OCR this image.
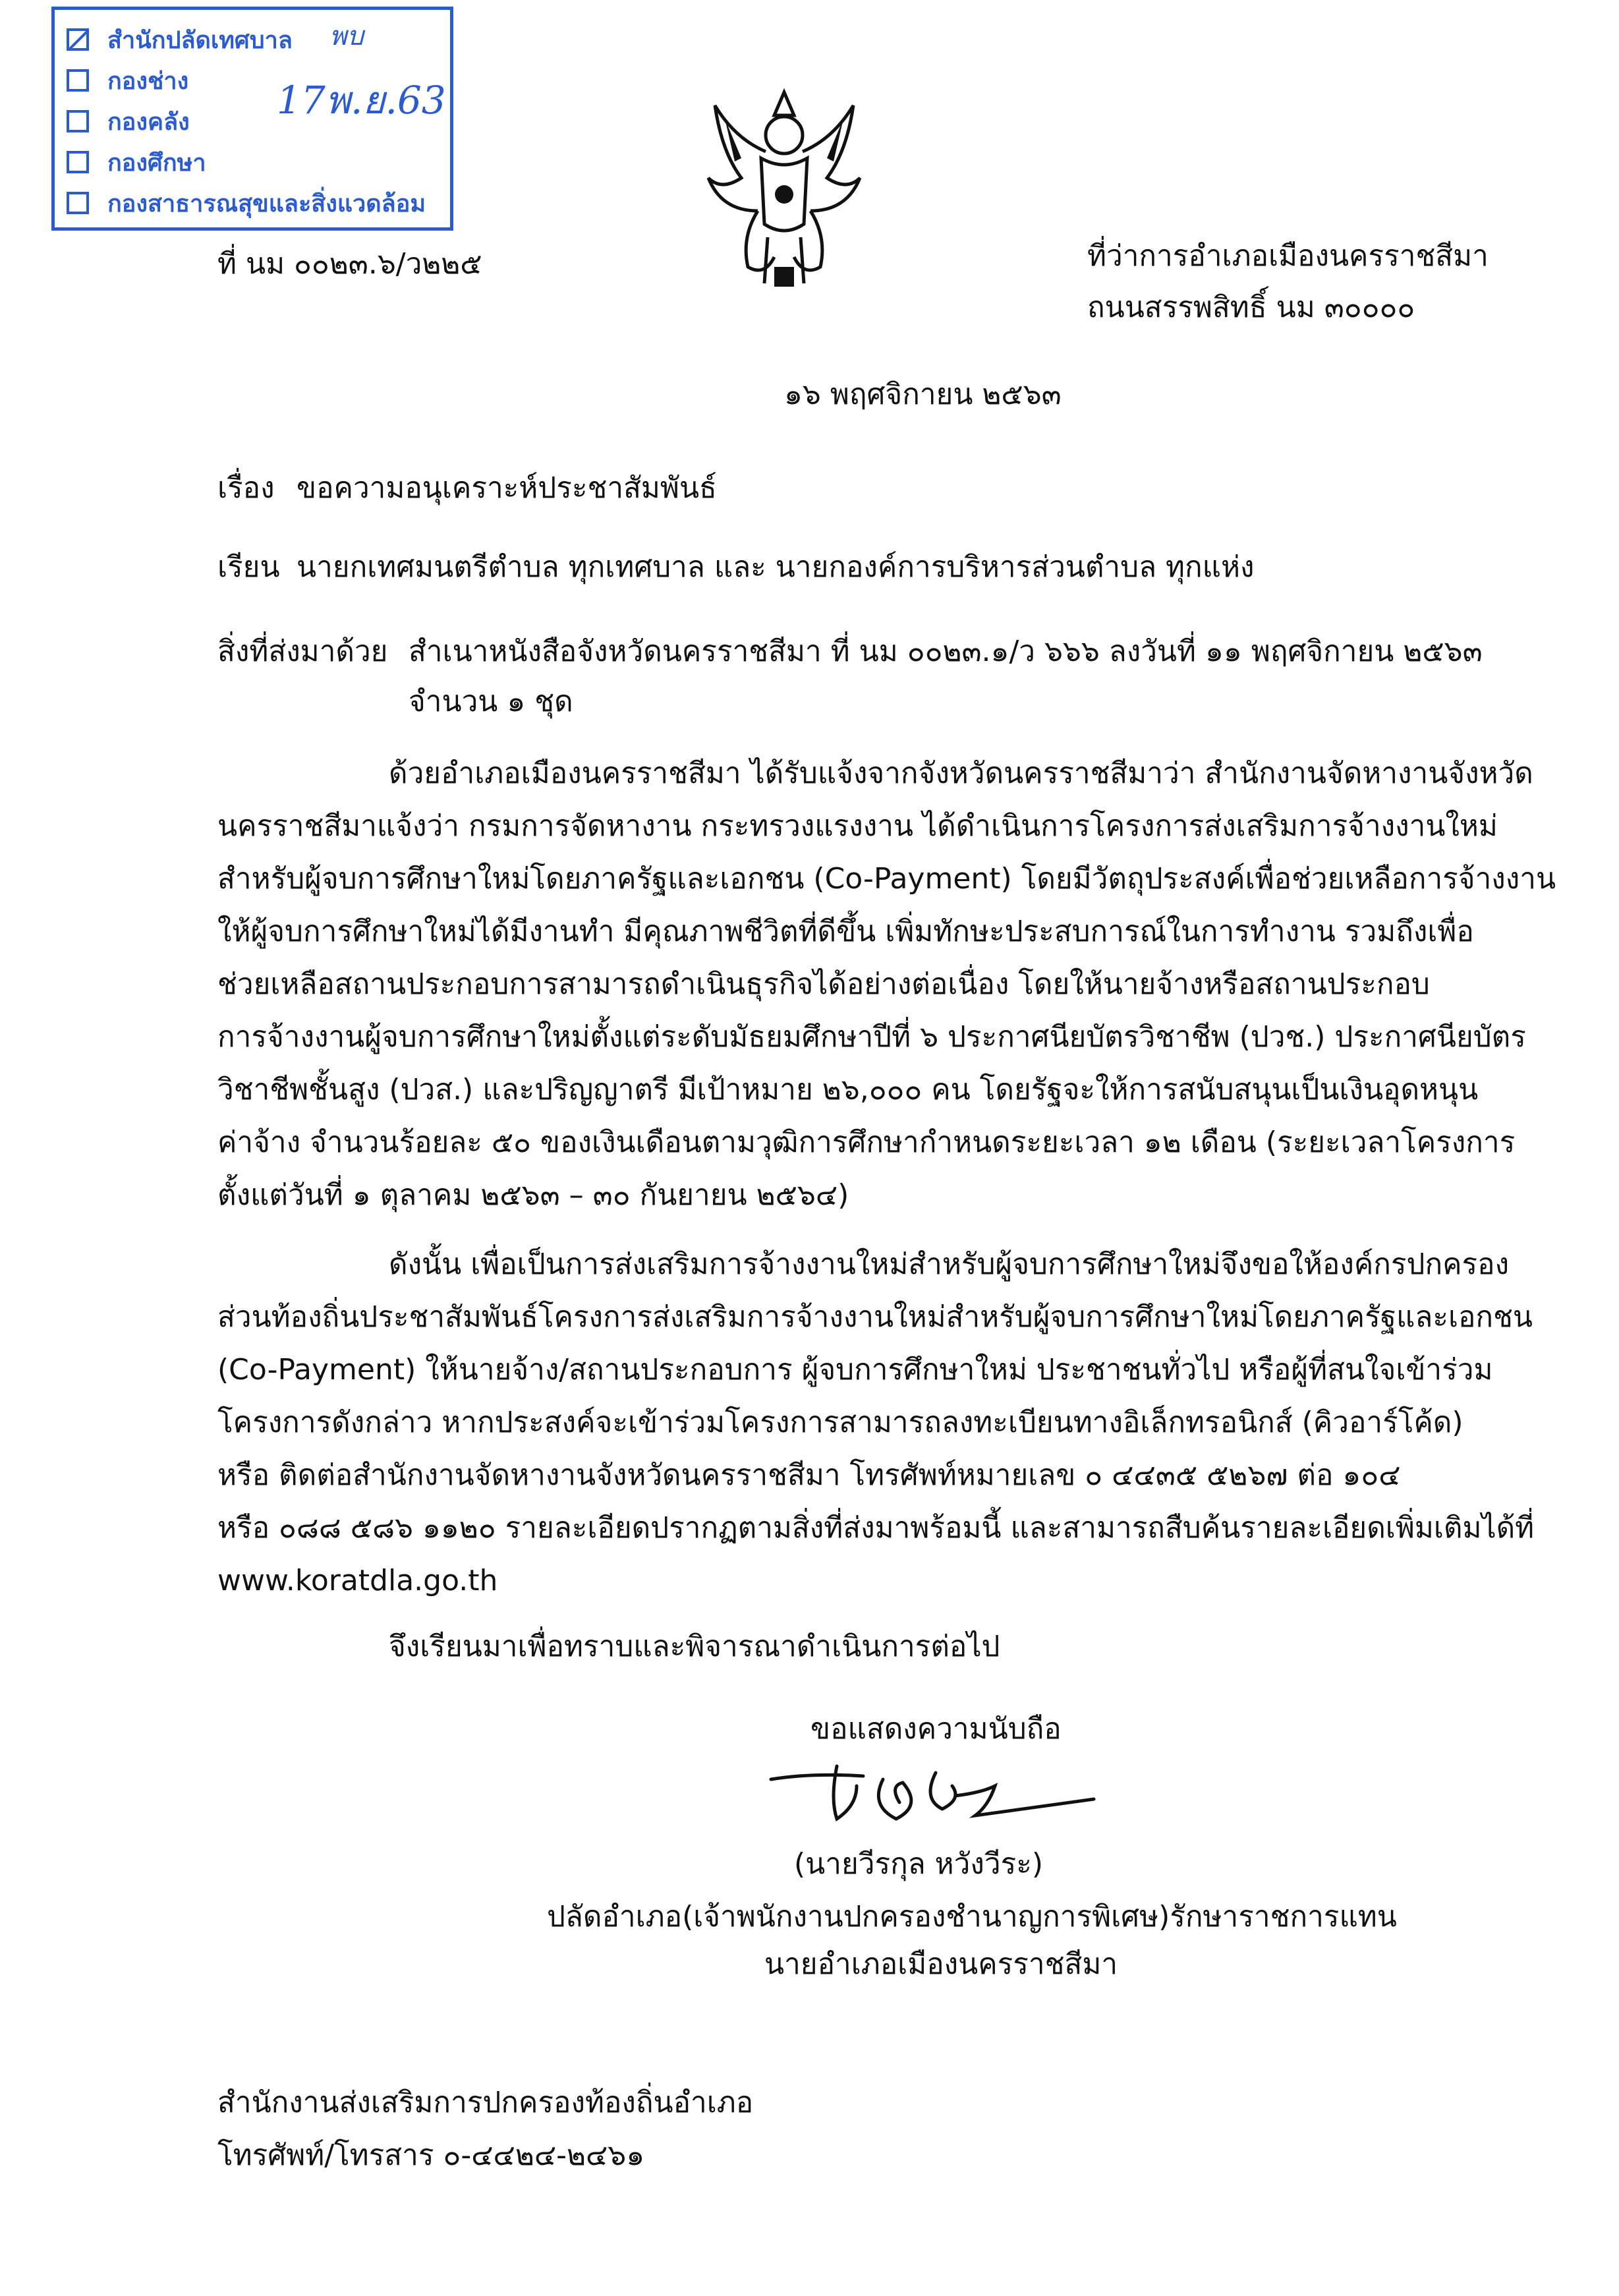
สำนักปลัดเทศบาล
กองช่าง
กองคลัง
กองศึกษา
กองสาธารณสุขและสิ่งแวดล้อม
พบ
17พ.ย.63
ที่ นม ๐๐๒๓.๖/ว๒๒๕	ที่ว่าการอำเภอเมืองนครราชสีมา
ถนนสรรพสิทธิ์ นม ๓๐๐๐๐
๑๖ พฤศจิกายน ๒๕๖๓
เรื่อง ขอความอนุเคราะห์ประชาสัมพันธ์
เรียน นายกเทศมนตรีตำบล ทุกเทศบาล และ นายกองค์การบริหารส่วนตำบล ทุกแห่ง
สิ่งที่ส่งมาด้วย สำเนาหนังสือจังหวัดนครราชสีมา ที่ นม ๐๐๒๓.๑/ว ๖๖๖ ลงวันที่ ๑๑ พฤศจิกายน ๒๕๖๓
จำนวน ๑ ชุด
ด้วยอำเภอเมืองนครราชสีมา ได้รับแจ้งจากจังหวัดนครราชสีมาว่า สำนักงานจัดหางานจังหวัด
นครราชสีมาแจ้งว่า กรมการจัดหางาน กระทรวงแรงงาน ได้ดำเนินการโครงการส่งเสริมการจ้างงานใหม่
สำหรับผู้จบการศึกษาใหม่โดยภาครัฐและเอกชน (Co-Payment) โดยมีวัตถุประสงค์เพื่อช่วยเหลือการจ้างงาน
ให้ผู้จบการศึกษาใหม่ได้มีงานทำ มีคุณภาพชีวิตที่ดีขึ้น เพิ่มทักษะประสบการณ์ในการทำงาน รวมถึงเพื่อ
ช่วยเหลือสถานประกอบการสามารถดำเนินธุรกิจได้อย่างต่อเนื่อง โดยให้นายจ้างหรือสถานประกอบ
การจ้างงานผู้จบการศึกษาใหม่ตั้งแต่ระดับมัธยมศึกษาปีที่ ๖ ประกาศนียบัตรวิชาชีพ (ปวช.) ประกาศนียบัตร
วิชาชีพชั้นสูง (ปวส.) และปริญญาตรี มีเป้าหมาย ๒๖,๐๐๐ คน โดยรัฐจะให้การสนับสนุนเป็นเงินอุดหนุน
ค่าจ้าง จำนวนร้อยละ ๕๐ ของเงินเดือนตามวุฒิการศึกษากำหนดระยะเวลา ๑๒ เดือน (ระยะเวลาโครงการ
ตั้งแต่วันที่ ๑ ตุลาคม ๒๕๖๓ – ๓๐ กันยายน ๒๕๖๔)
ดังนั้น เพื่อเป็นการส่งเสริมการจ้างงานใหม่สำหรับผู้จบการศึกษาใหม่จึงขอให้องค์กรปกครอง
ส่วนท้องถิ่นประชาสัมพันธ์โครงการส่งเสริมการจ้างงานใหม่สำหรับผู้จบการศึกษาใหม่โดยภาครัฐและเอกชน
(Co-Payment) ให้นายจ้าง/สถานประกอบการ ผู้จบการศึกษาใหม่ ประชาชนทั่วไป หรือผู้ที่สนใจเข้าร่วม
โครงการดังกล่าว หากประสงค์จะเข้าร่วมโครงการสามารถลงทะเบียนทางอิเล็กทรอนิกส์ (คิวอาร์โค้ด)
หรือ ติดต่อสำนักงานจัดหางานจังหวัดนครราชสีมา โทรศัพท์หมายเลข ๐ ๔๔๓๕ ๕๒๖๗ ต่อ ๑๐๔
หรือ ๐๘๘ ๕๘๖ ๑๑๒๐ รายละเอียดปรากฏตามสิ่งที่ส่งมาพร้อมนี้ และสามารถสืบค้นรายละเอียดเพิ่มเติมได้ที่
www.koratdla.go.th
จึงเรียนมาเพื่อทราบและพิจารณาดำเนินการต่อไป
ขอแสดงความนับถือ
(นายวีรกุล หวังวีระ)
ปลัดอำเภอ(เจ้าพนักงานปกครองชำนาญการพิเศษ)รักษาราชการแทน
นายอำเภอเมืองนครราชสีมา
สำนักงานส่งเสริมการปกครองท้องถิ่นอำเภอ
โทรศัพท์/โทรสาร ๐-๔๔๒๔-๒๔๖๑
